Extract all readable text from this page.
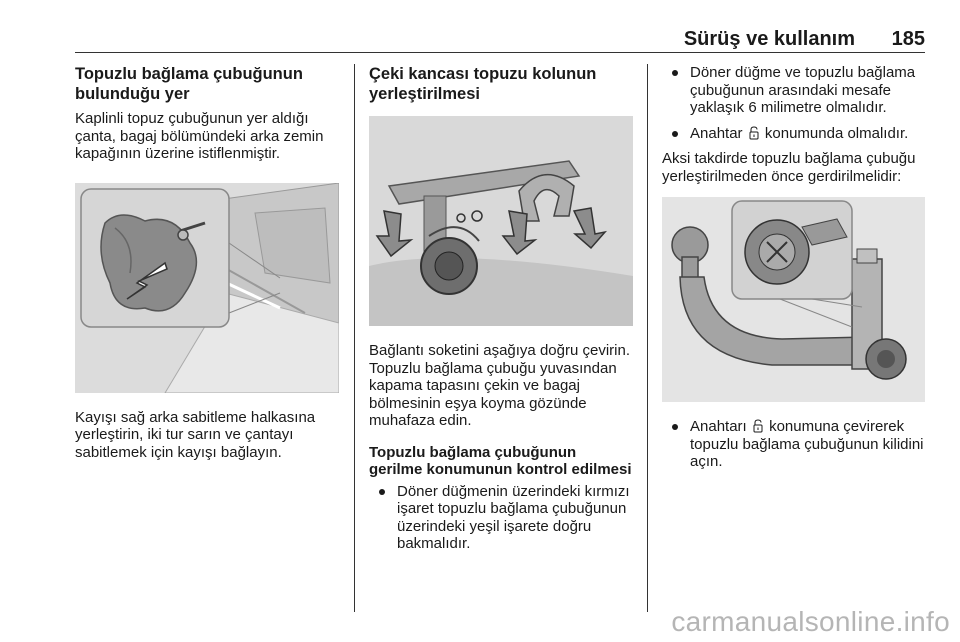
Sürüş ve kullanım 185
Topuzlu bağlama çubuğunun bulunduğu yer

Kaplinli topuz çubuğunun yer aldığı çanta, bagaj bölümündeki arka zemin kapağının üzerine istiflenmiştir.

Kayışı sağ arka sabitleme halkasına yerleştirin, iki tur sarın ve çantayı sabitlemek için kayışı bağlayın.

Çeki kancası topuzu kolunun yerleştirilmesi

Bağlantı soketini aşağıya doğru çevirin. Topuzlu bağlama çubuğu yuvasından kapama tapasını çekin ve bagaj bölmesinin eşya koyma gözünde muhafaza edin.

Topuzlu bağlama çubuğunun gerilme konumunun kontrol edilmesi

Döner düğmenin üzerindeki kırmızı işaret topuzlu bağlama çubuğunun üzerindeki yeşil işarete doğru bakmalıdır.
Döner düğme ve topuzlu bağlama çubuğunun arasındaki mesafe yaklaşık 6 milimetre olmalıdır.
Anahtar konumunda olmalıdır.

Aksi takdirde topuzlu bağlama çubuğu yerleştirilmeden önce gerdirilmelidir:

Anahtarı konumuna çevirerek topuzlu bağlama çubuğunun kilidini açın.
carmanualsonline.info
